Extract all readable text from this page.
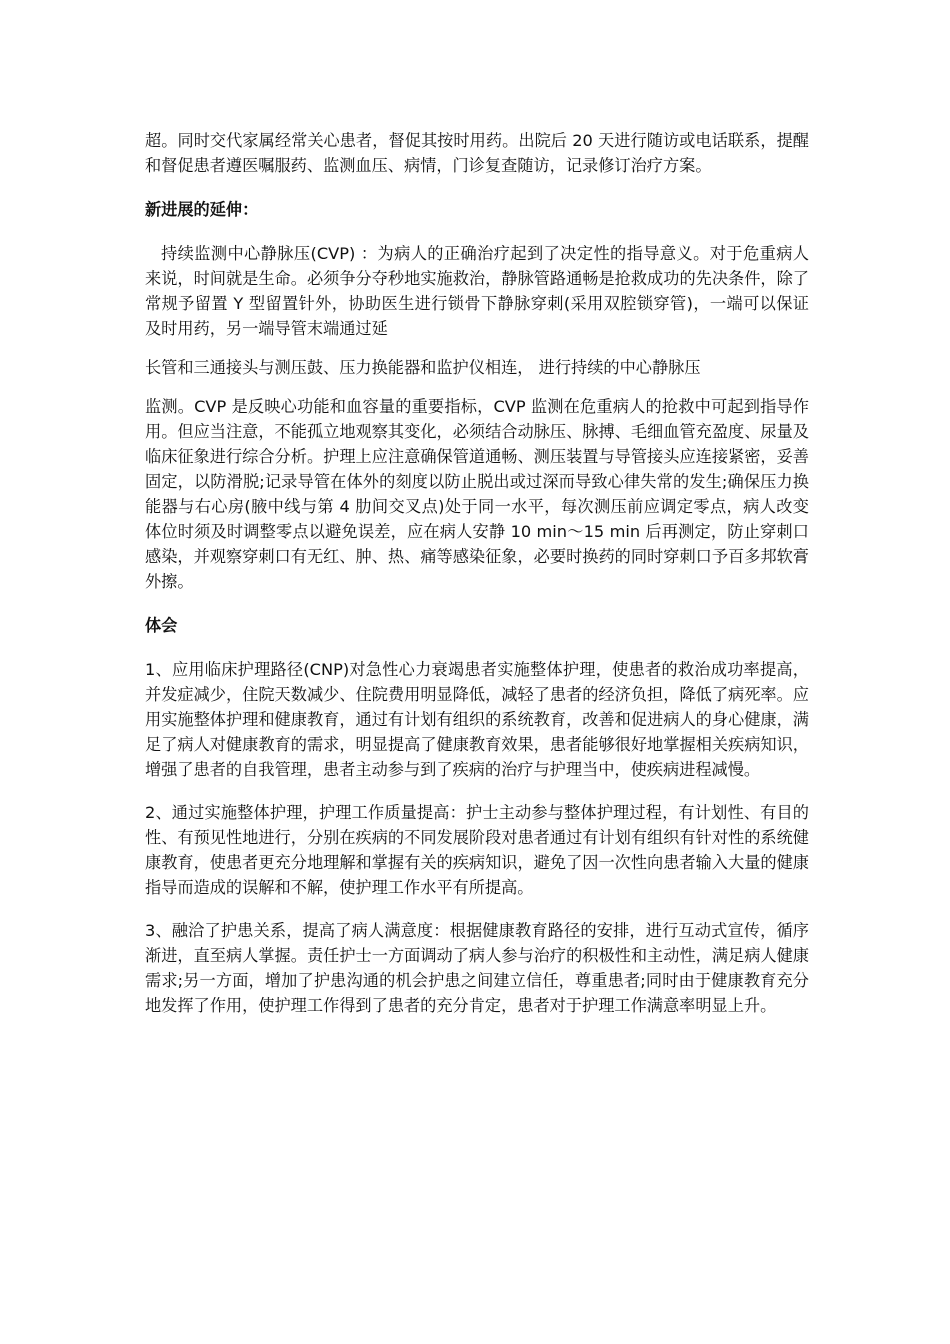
超。同时交代家属经常关心患者，督促其按时用药。出院后 20 天进行随访或电话联系，提醒和督促患者遵医嘱服药、监测血压、病情，门诊复查随访，记录修订治疗方案。

新进展的延伸：

持续监测中心静脉压(CVP) ：为病人的正确治疗起到了决定性的指导意义。对于危重病人来说，时间就是生命。必须争分夺秒地实施救治，静脉管路通畅是抢救成功的先决条件，除了常规予留置 Y 型留置针外，协助医生进行锁骨下静脉穿刺(采用双腔锁穿管)，一端可以保证及时用药，另一端导管末端通过延

长管和三通接头与测压鼓、压力换能器和监护仪相连， 进行持续的中心静脉压

监测。CVP 是反映心功能和血容量的重要指标，CVP 监测在危重病人的抢救中可起到指导作用。但应当注意，不能孤立地观察其变化，必须结合动脉压、脉搏、毛细血管充盈度、尿量及临床征象进行综合分析。护理上应注意确保管道通畅、测压装置与导管接头应连接紧密，妥善固定，以防滑脱;记录导管在体外的刻度以防止脱出或过深而导致心律失常的发生;确保压力换能器与右心房(腋中线与第 4 肋间交叉点)处于同一水平，每次测压前应调定零点，病人改变体位时须及时调整零点以避免误差，应在病人安静 10 min～15 min 后再测定，防止穿刺口感染，并观察穿刺口有无红、肿、热、痛等感染征象，必要时换药的同时穿刺口予百多邦软膏外擦。

体会

1、应用临床护理路径(CNP)对急性心力衰竭患者实施整体护理，使患者的救治成功率提高，并发症减少，住院天数减少、住院费用明显降低，减轻了患者的经济负担，降低了病死率。应用实施整体护理和健康教育，通过有计划有组织的系统教育，改善和促进病人的身心健康，满足了病人对健康教育的需求，明显提高了健康教育效果，患者能够很好地掌握相关疾病知识，增强了患者的自我管理，患者主动参与到了疾病的治疗与护理当中，使疾病进程减慢。

2、通过实施整体护理，护理工作质量提高：护士主动参与整体护理过程，有计划性、有目的性、有预见性地进行，分别在疾病的不同发展阶段对患者通过有计划有组织有针对性的系统健康教育，使患者更充分地理解和掌握有关的疾病知识，避免了因一次性向患者输入大量的健康指导而造成的误解和不解，使护理工作水平有所提高。

3、融洽了护患关系，提高了病人满意度：根据健康教育路径的安排，进行互动式宣传，循序渐进，直至病人掌握。责任护士一方面调动了病人参与治疗的积极性和主动性，满足病人健康需求;另一方面，增加了护患沟通的机会护患之间建立信任，尊重患者;同时由于健康教育充分地发挥了作用，使护理工作得到了患者的充分肯定，患者对于护理工作满意率明显上升。
